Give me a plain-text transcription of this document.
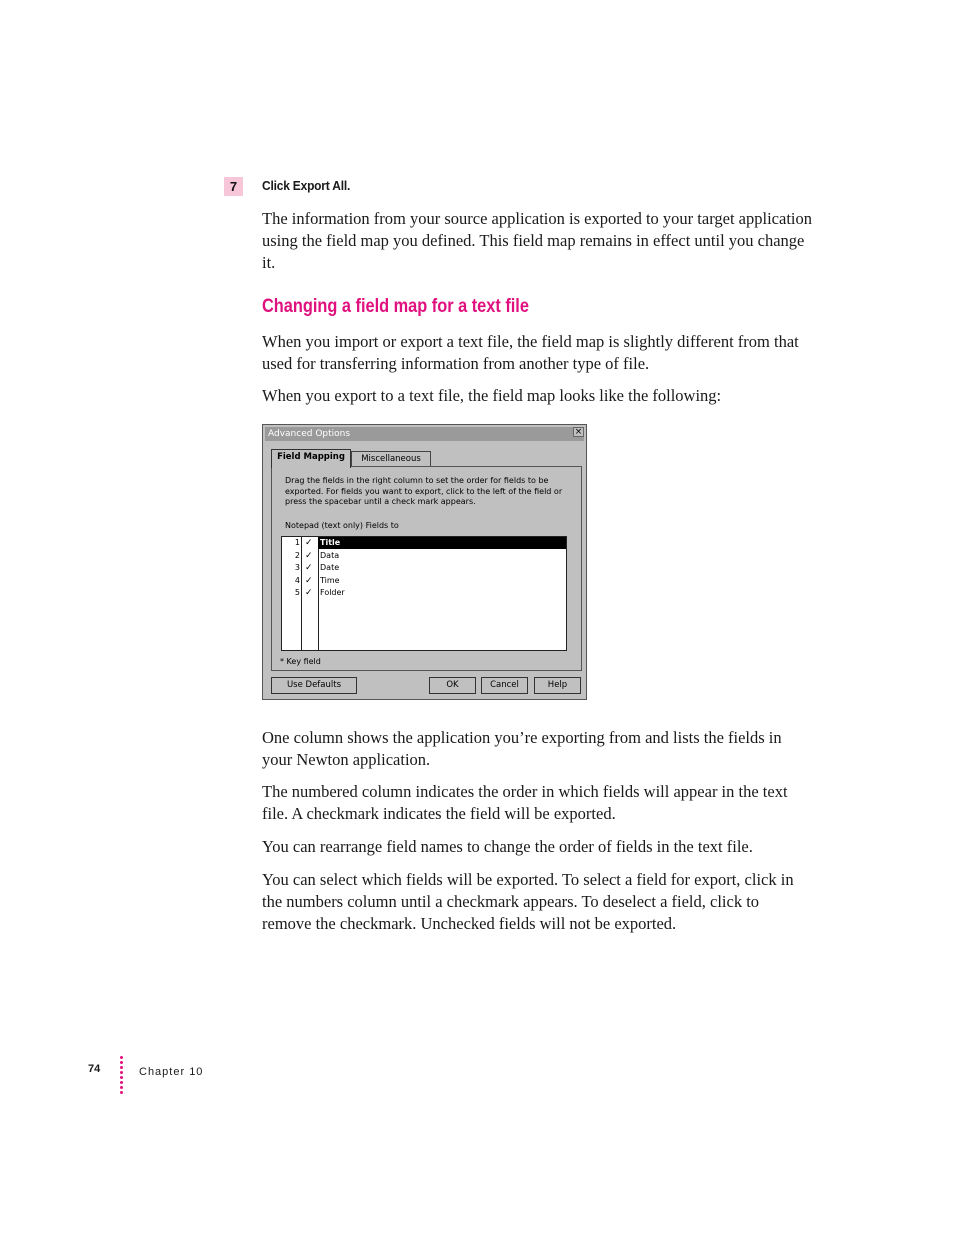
7	Click Export All.

The information from your source application is exported to your target application using the field map you defined. This field map remains in effect until you change it.

Changing a field map for a text file

When you import or export a text file, the field map is slightly different from that used for transferring information from another type of file.

When you export to a text file, the field map looks like the following:

Advanced Options	×
Field Mapping	Miscellaneous
Drag the fields in the right column to set the order for fields to be exported. For fields you want to export, click to the left of the field or press the spacebar until a check mark appears.
Notepad (text only) Fields to
1 ✓ Title
2 ✓ Data
3 ✓ Date
4 ✓ Time
5 ✓ Folder
* Key field
Use Defaults	OK	Cancel	Help

One column shows the application you’re exporting from and lists the fields in your Newton application.

The numbered column indicates the order in which fields will appear in the text file. A checkmark indicates the field will be exported.

You can rearrange field names to change the order of fields in the text file.

You can select which fields will be exported. To select a field for export, click in the numbers column until a checkmark appears. To deselect a field, click to remove the checkmark. Unchecked fields will not be exported.

74	Chapter 10
